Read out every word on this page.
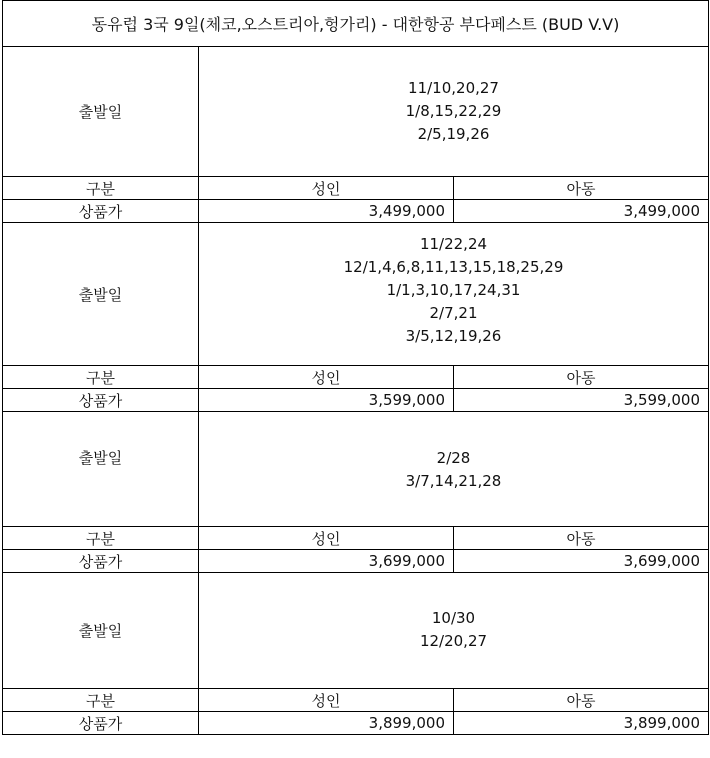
동유럽 3국 9일(체코,오스트리아,헝가리) - 대한항공 부다페스트 (BUD V.V)		
출발일	11/10,20,27
1/8,15,22,29
2/5,19,26	

구분	성인	아동
상품가	3,499,000	3,499,000
출발일	11/22,24
12/1,4,6,8,11,13,15,18,25,29
1/1,3,10,17,24,31
2/7,21
3/5,12,19,26	

구분	성인	아동
상품가	3,599,000	3,599,000
출발일	2/28
3/7,14,21,28	

구분	성인	아동
상품가	3,699,000	3,699,000
출발일	10/30
12/20,27	

구분	성인	아동
상품가	3,899,000	3,899,000
